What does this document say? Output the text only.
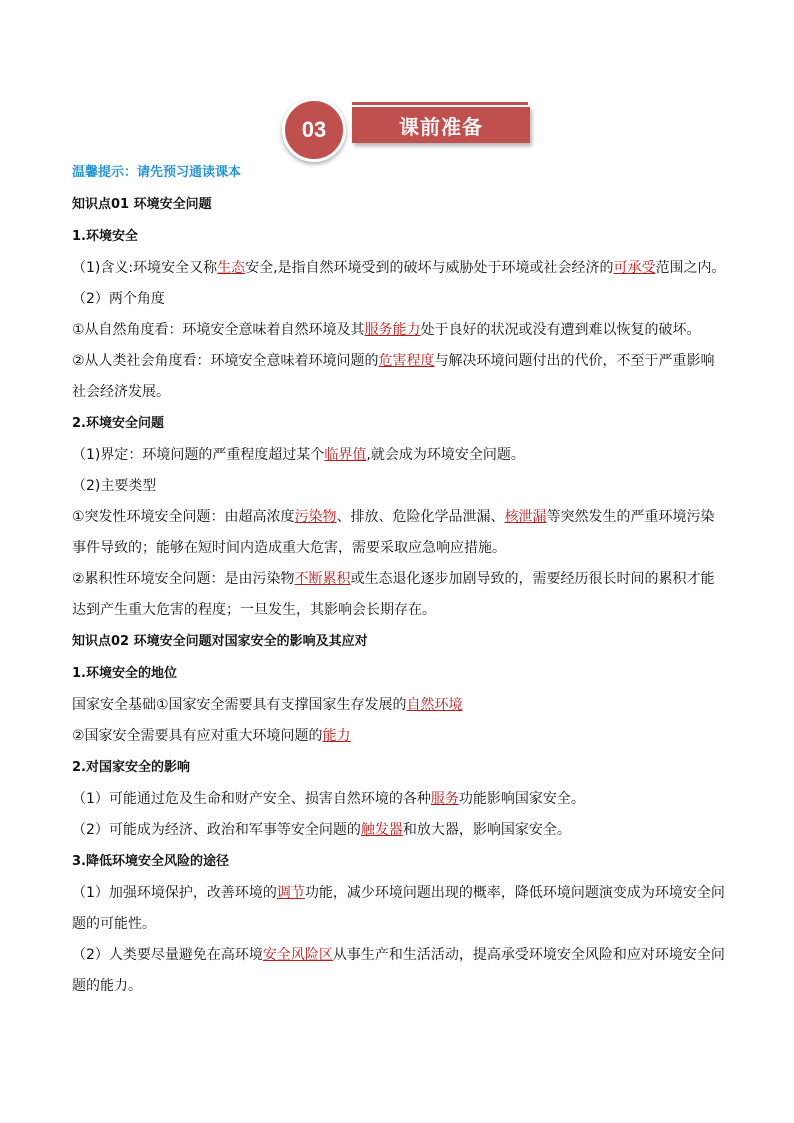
03	课前准备

温馨提示：请先预习通读课本

知识点01 环境安全问题

1.环境安全

（1)含义:环境安全又称生态安全,是指自然环境受到的破坏与威胁处于环境或社会经济的可承受范围之内。

（2）两个角度

①从自然角度看：环境安全意味着自然环境及其服务能力处于良好的状况或没有遭到难以恢复的破坏。

②从人类社会角度看：环境安全意味着环境问题的危害程度与解决环境问题付出的代价，不至于严重影响

社会经济发展。

2.环境安全问题

（1)界定：环境问题的严重程度超过某个临界值,就会成为环境安全问题。

（2)主要类型

①突发性环境安全问题：由超高浓度污染物、排放、危险化学品泄漏、核泄漏等突然发生的严重环境污染

事件导致的；能够在短时间内造成重大危害，需要采取应急响应措施。

②累积性环境安全问题：是由污染物不断累积或生态退化逐步加剧导致的，需要经历很长时间的累积才能

达到产生重大危害的程度；一旦发生，其影响会长期存在。

知识点02 环境安全问题对国家安全的影响及其应对

1.环境安全的地位

国家安全基础①国家安全需要具有支撑国家生存发展的自然环境

②国家安全需要具有应对重大环境问题的能力

2.对国家安全的影响

（1）可能通过危及生命和财产安全、损害自然环境的各种服务功能影响国家安全。

（2）可能成为经济、政治和军事等安全问题的触发器和放大器，影响国家安全。

3.降低环境安全风险的途径

（1）加强环境保护，改善环境的调节功能，减少环境问题出现的概率，降低环境问题演变成为环境安全问

题的可能性。

（2）人类要尽量避免在高环境安全风险区从事生产和生活活动，提高承受环境安全风险和应对环境安全问

题的能力。
